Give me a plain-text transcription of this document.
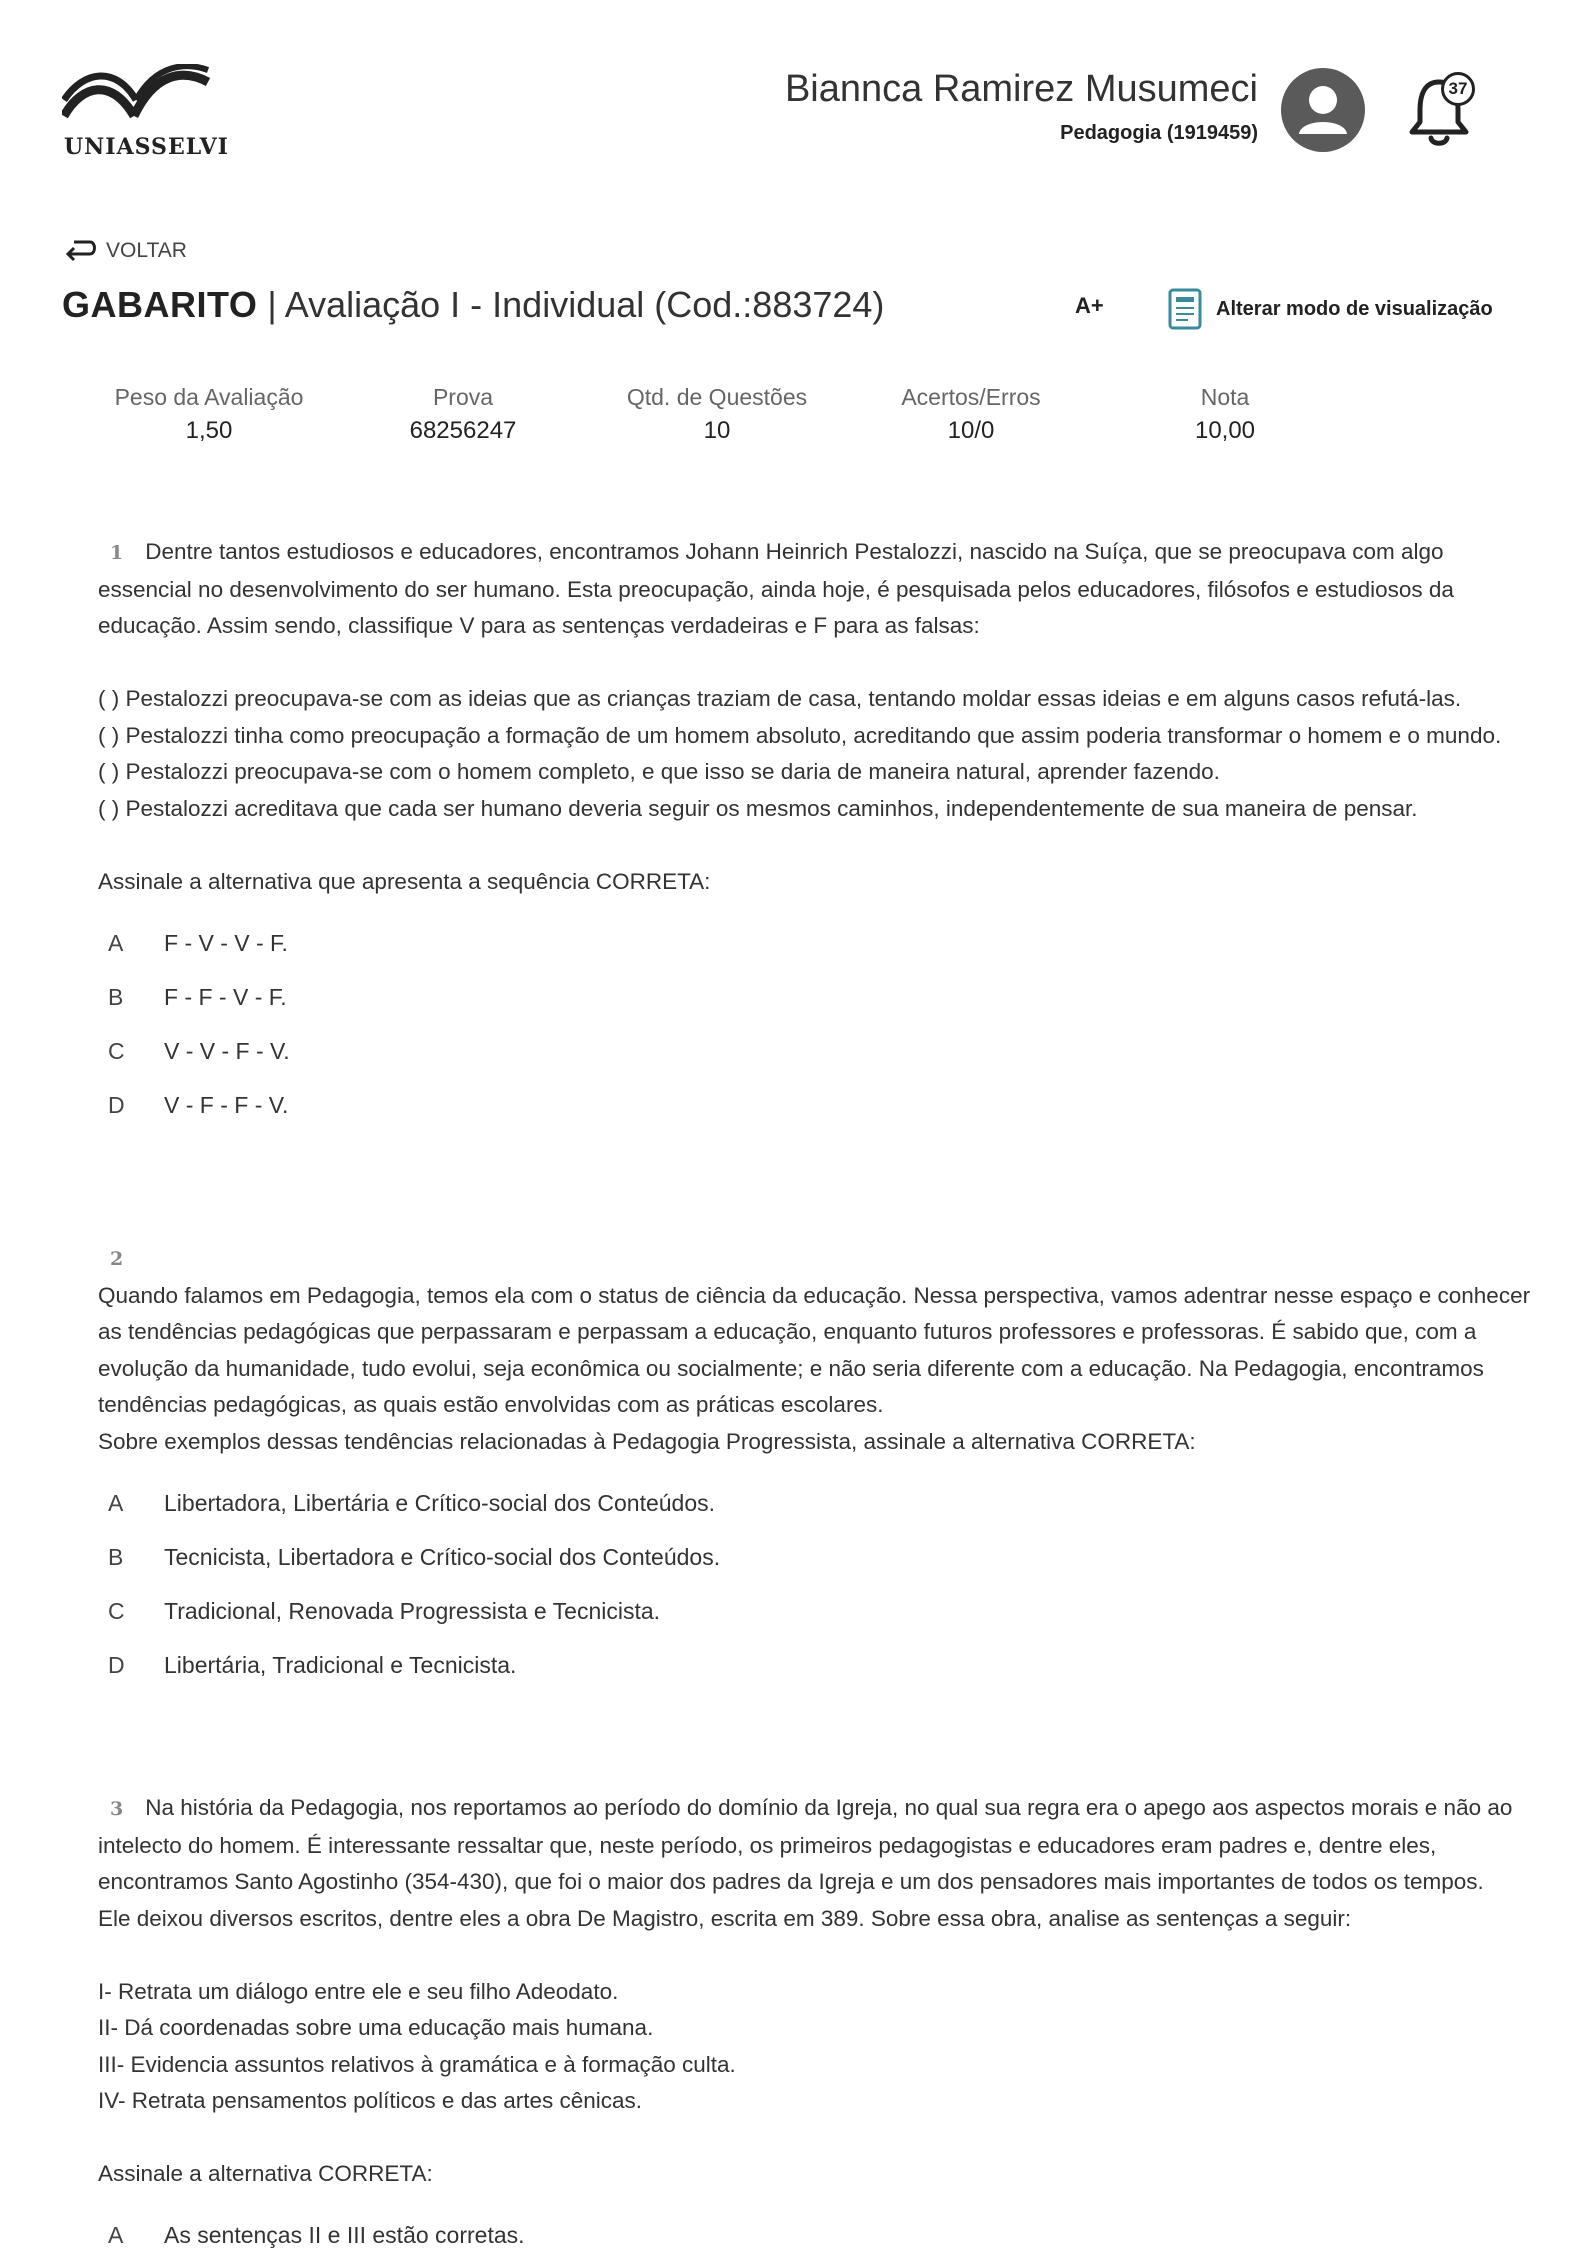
UNIASSELVI
Biannca Ramirez Musumeci
Pedagogia (1919459)
37
VOLTAR
GABARITO | Avaliação I - Individual (Cod.:883724)	A+	Alterar modo de visualização
Peso da Avaliação
1,50
Prova
68256247
Qtd. de Questões
10
Acertos/Erros
10/0
Nota
10,00
1 Dentre tantos estudiosos e educadores, encontramos Johann Heinrich Pestalozzi, nascido na Suíça, que se preocupava com algo
essencial no desenvolvimento do ser humano. Esta preocupação, ainda hoje, é pesquisada pelos educadores, filósofos e estudiosos da
educação. Assim sendo, classifique V para as sentenças verdadeiras e F para as falsas:
( ) Pestalozzi preocupava-se com as ideias que as crianças traziam de casa, tentando moldar essas ideias e em alguns casos refutá-las.
( ) Pestalozzi tinha como preocupação a formação de um homem absoluto, acreditando que assim poderia transformar o homem e o mundo.
( ) Pestalozzi preocupava-se com o homem completo, e que isso se daria de maneira natural, aprender fazendo.
( ) Pestalozzi acreditava que cada ser humano deveria seguir os mesmos caminhos, independentemente de sua maneira de pensar.
Assinale a alternativa que apresenta a sequência CORRETA:
A	F - V - V - F.
B	F - F - V - F.
C	V - V - F - V.
D	V - F - F - V.
2
Quando falamos em Pedagogia, temos ela com o status de ciência da educação. Nessa perspectiva, vamos adentrar nesse espaço e conhecer
as tendências pedagógicas que perpassaram e perpassam a educação, enquanto futuros professores e professoras. É sabido que, com a
evolução da humanidade, tudo evolui, seja econômica ou socialmente; e não seria diferente com a educação. Na Pedagogia, encontramos
tendências pedagógicas, as quais estão envolvidas com as práticas escolares.
Sobre exemplos dessas tendências relacionadas à Pedagogia Progressista, assinale a alternativa CORRETA:
A	Libertadora, Libertária e Crítico-social dos Conteúdos.
B	Tecnicista, Libertadora e Crítico-social dos Conteúdos.
C	Tradicional, Renovada Progressista e Tecnicista.
D	Libertária, Tradicional e Tecnicista.
3 Na história da Pedagogia, nos reportamos ao período do domínio da Igreja, no qual sua regra era o apego aos aspectos morais e não ao
intelecto do homem. É interessante ressaltar que, neste período, os primeiros pedagogistas e educadores eram padres e, dentre eles,
encontramos Santo Agostinho (354-430), que foi o maior dos padres da Igreja e um dos pensadores mais importantes de todos os tempos.
Ele deixou diversos escritos, dentre eles a obra De Magistro, escrita em 389. Sobre essa obra, analise as sentenças a seguir:
I- Retrata um diálogo entre ele e seu filho Adeodato.
II- Dá coordenadas sobre uma educação mais humana.
III- Evidencia assuntos relativos à gramática e à formação culta.
IV- Retrata pensamentos políticos e das artes cênicas.
Assinale a alternativa CORRETA:
A	As sentenças II e III estão corretas.
